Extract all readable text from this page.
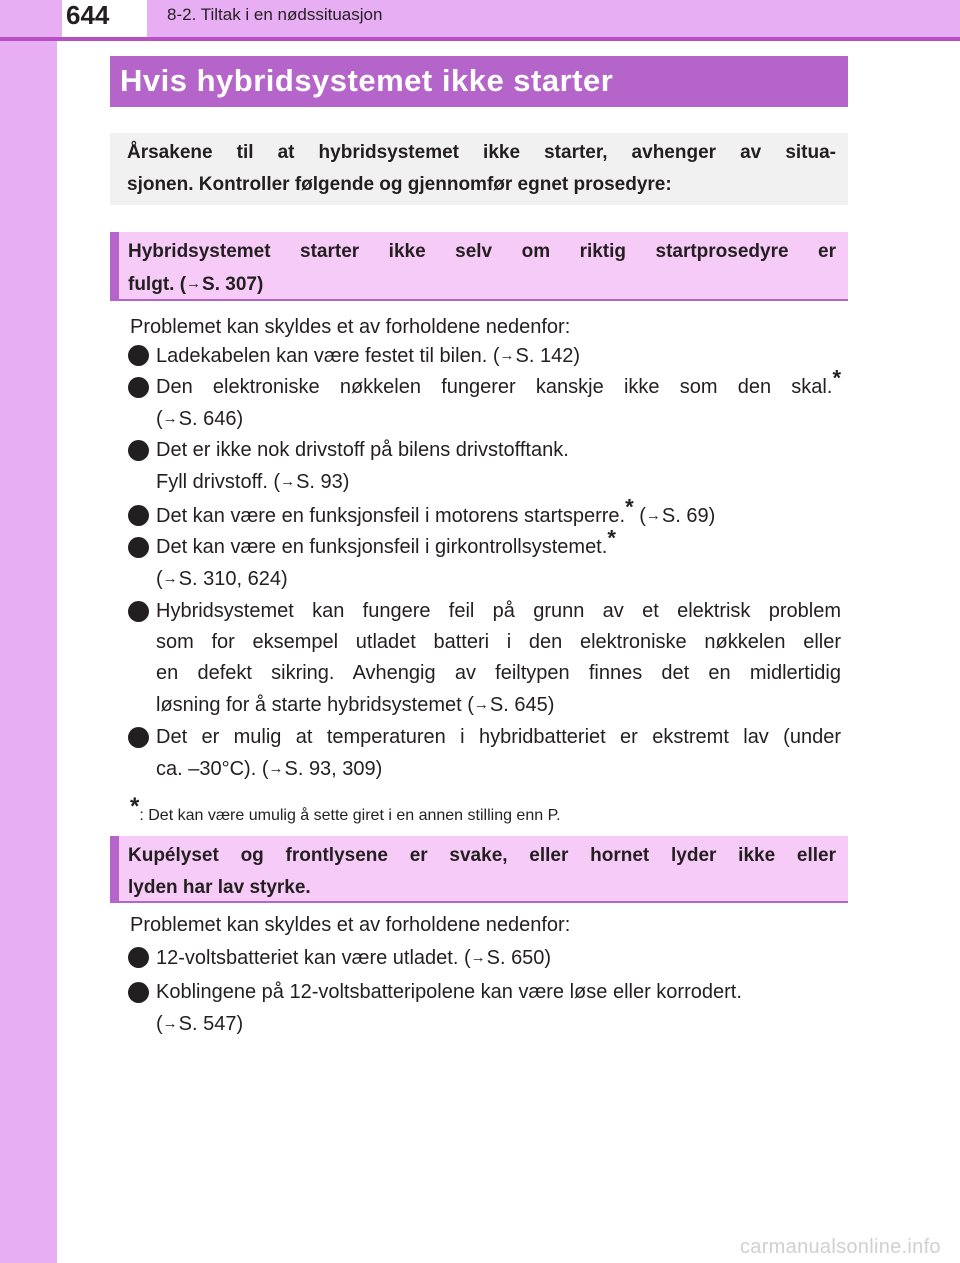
644	8-2. Tiltak i en nødssituasjon
Hvis hybridsystemet ikke starter
Årsakene til at hybridsystemet ikke starter, avhenger av situa-
sjonen. Kontroller følgende og gjennomfør egnet prosedyre:
Hybridsystemet starter ikke selv om riktig startprosedyre er
fulgt. (→S. 307)
Problemet kan skyldes et av forholdene nedenfor:
Ladekabelen kan være festet til bilen. (→S. 142)
Den elektroniske nøkkelen fungerer kanskje ikke som den skal.*
(→S. 646)
Det er ikke nok drivstoff på bilens drivstofftank.
Fyll drivstoff. (→S. 93)
Det kan være en funksjonsfeil i motorens startsperre.* (→S. 69)
Det kan være en funksjonsfeil i girkontrollsystemet.*
(→S. 310, 624)
Hybridsystemet kan fungere feil på grunn av et elektrisk problem
som for eksempel utladet batteri i den elektroniske nøkkelen eller
en defekt sikring. Avhengig av feiltypen finnes det en midlertidig
løsning for å starte hybridsystemet (→S. 645)
Det er mulig at temperaturen i hybridbatteriet er ekstremt lav (under
ca. –30°C). (→S. 93, 309)
*: Det kan være umulig å sette giret i en annen stilling enn P.
Kupélyset og frontlysene er svake, eller hornet lyder ikke eller
lyden har lav styrke.
Problemet kan skyldes et av forholdene nedenfor:
12-voltsbatteriet kan være utladet. (→S. 650)
Koblingene på 12-voltsbatteripolene kan være løse eller korrodert.
(→S. 547)
carmanualsonline.info
